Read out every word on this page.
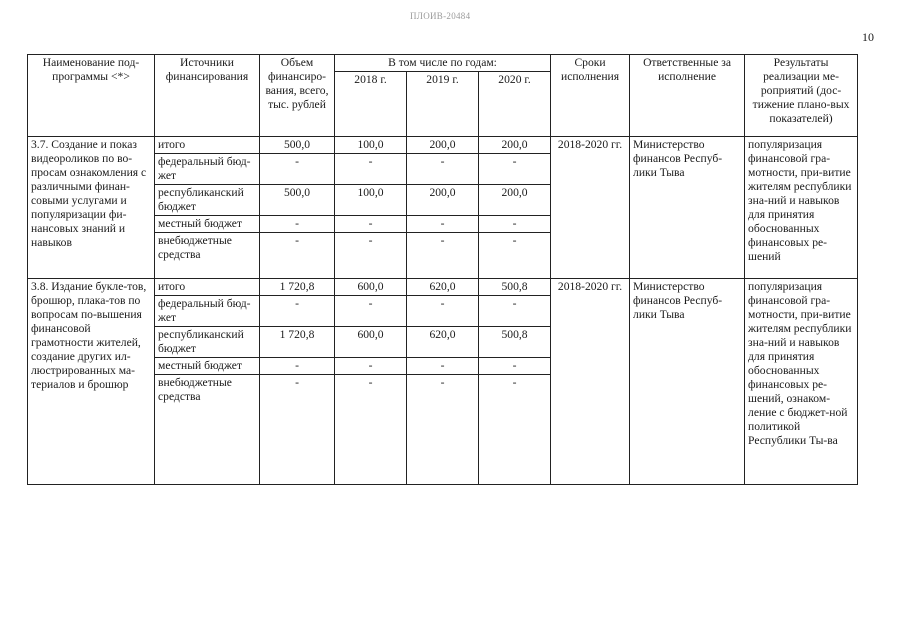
ПЛОИВ-20484
10
Наименование под-программы <*>	Источники финансирования	Объем финансиро-вания, всего, тыс. рублей	В том числе по годам:			Сроки исполнения	Ответственные за исполнение	Результаты реализации ме-роприятий (дос-тижение плано-вых показателей)
			2018 г.	2019 г.	2020 г.			
3.7. Создание и показ видеороликов по во-просам ознакомления с различными финан-совыми услугами и популяризации фи-нансовых знаний и навыков	итого	500,0	100,0	200,0	200,0	2018-2020 гг.	Министерство финансов Респуб-лики Тыва	популяризация финансовой гра-мотности, при-витие жителям республики зна-ний и навыков для принятия обоснованных финансовых ре-шений
	федеральный бюд-жет	-	-	-	-			
	республиканский бюджет	500,0	100,0	200,0	200,0			
	местный бюджет	-	-	-	-			
	внебюджетные средства	-	-	-	-			
3.8. Издание букле-тов, брошюр, плака-тов по вопросам по-вышения финансовой грамотности жителей, создание других ил-люстрированных ма-териалов и брошюр	итого	1 720,8	600,0	620,0	500,8	2018-2020 гг.	Министерство финансов Респуб-лики Тыва	популяризация финансовой гра-мотности, при-витие жителям республики зна-ний и навыков для принятия обоснованных финансовых ре-шений, ознаком-ление с бюджет-ной политикой Республики Ты-ва
	федеральный бюд-жет	-	-	-	-			
	республиканский бюджет	1 720,8	600,0	620,0	500,8			
	местный бюджет	-	-	-	-			
	внебюджетные средства	-	-	-	-			
